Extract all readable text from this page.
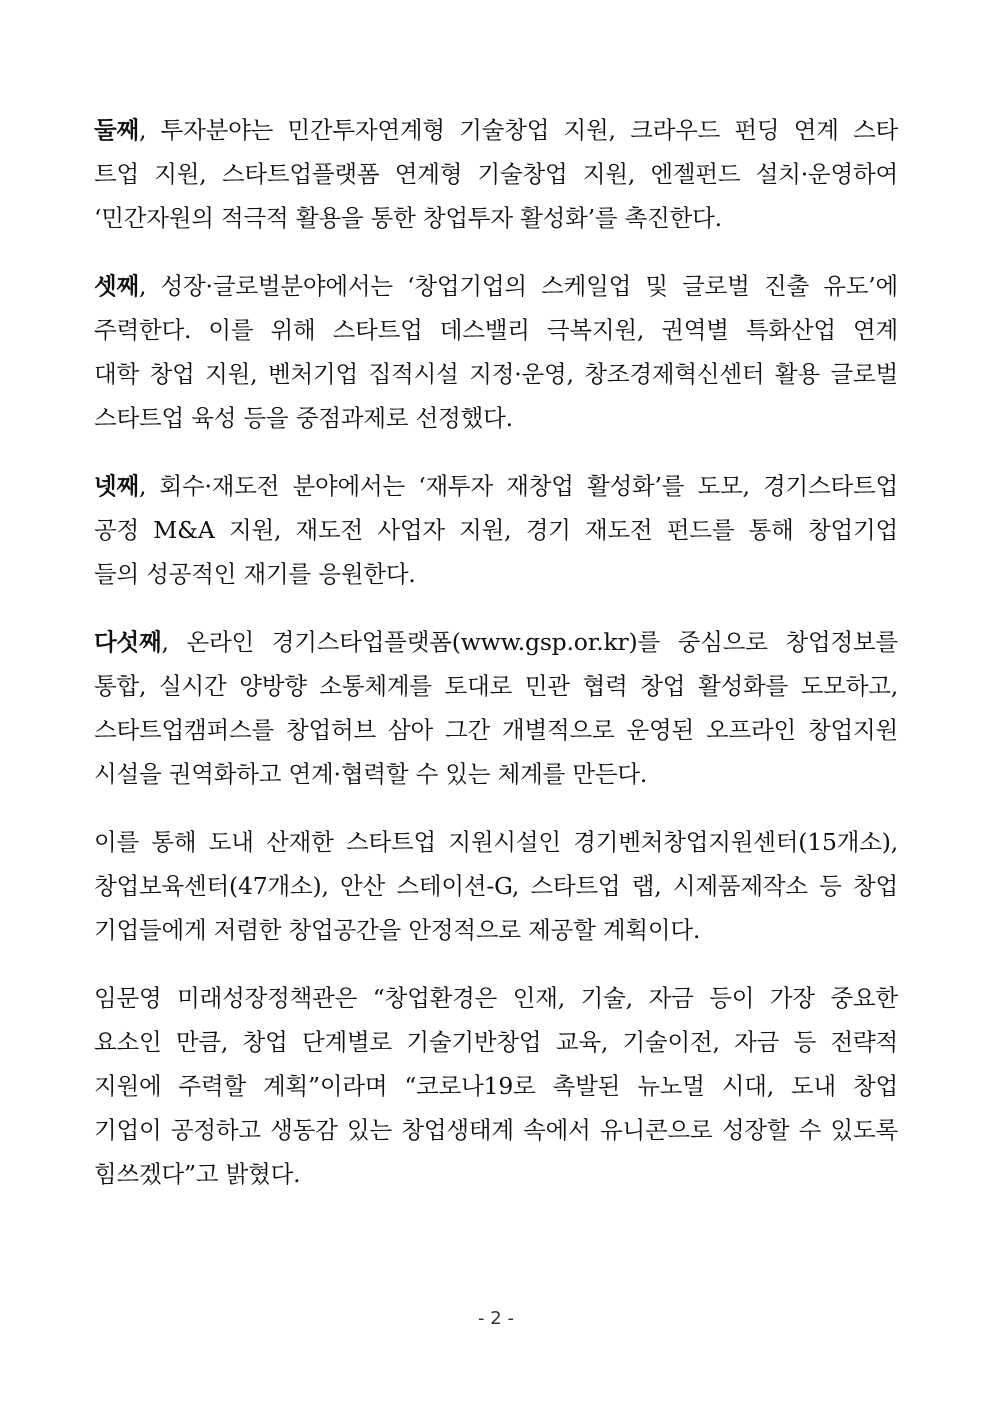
둘째, 투자분야는 민간투자연계형 기술창업 지원, 크라우드 펀딩 연계 스타
트업 지원, 스타트업플랫폼 연계형 기술창업 지원, 엔젤펀드 설치·운영하여
‘민간자원의 적극적 활용을 통한 창업투자 활성화’를 촉진한다.

셋째, 성장·글로벌분야에서는 ‘창업기업의 스케일업 및 글로벌 진출 유도’에
주력한다. 이를 위해 스타트업 데스밸리 극복지원, 권역별 특화산업 연계
대학 창업 지원, 벤처기업 집적시설 지정·운영, 창조경제혁신센터 활용 글로벌
스타트업 육성 등을 중점과제로 선정했다.

넷째, 회수·재도전 분야에서는 ‘재투자 재창업 활성화’를 도모, 경기스타트업
공정 M&A 지원, 재도전 사업자 지원, 경기 재도전 펀드를 통해 창업기업
들의 성공적인 재기를 응원한다.

다섯째, 온라인 경기스타업플랫폼(www.gsp.or.kr)를 중심으로 창업정보를
통합, 실시간 양방향 소통체계를 토대로 민관 협력 창업 활성화를 도모하고,
스타트업캠퍼스를 창업허브 삼아 그간 개별적으로 운영된 오프라인 창업지원
시설을 권역화하고 연계·협력할 수 있는 체계를 만든다.

이를 통해 도내 산재한 스타트업 지원시설인 경기벤처창업지원센터(15개소),
창업보육센터(47개소), 안산 스테이션-G, 스타트업 랩, 시제품제작소 등 창업
기업들에게 저렴한 창업공간을 안정적으로 제공할 계획이다.

임문영 미래성장정책관은 “창업환경은 인재, 기술, 자금 등이 가장 중요한
요소인 만큼, 창업 단계별로 기술기반창업 교육, 기술이전, 자금 등 전략적
지원에 주력할 계획”이라며 “코로나19로 촉발된 뉴노멀 시대, 도내 창업
기업이 공정하고 생동감 있는 창업생태계 속에서 유니콘으로 성장할 수 있도록
힘쓰겠다”고 밝혔다.

- 2 -
